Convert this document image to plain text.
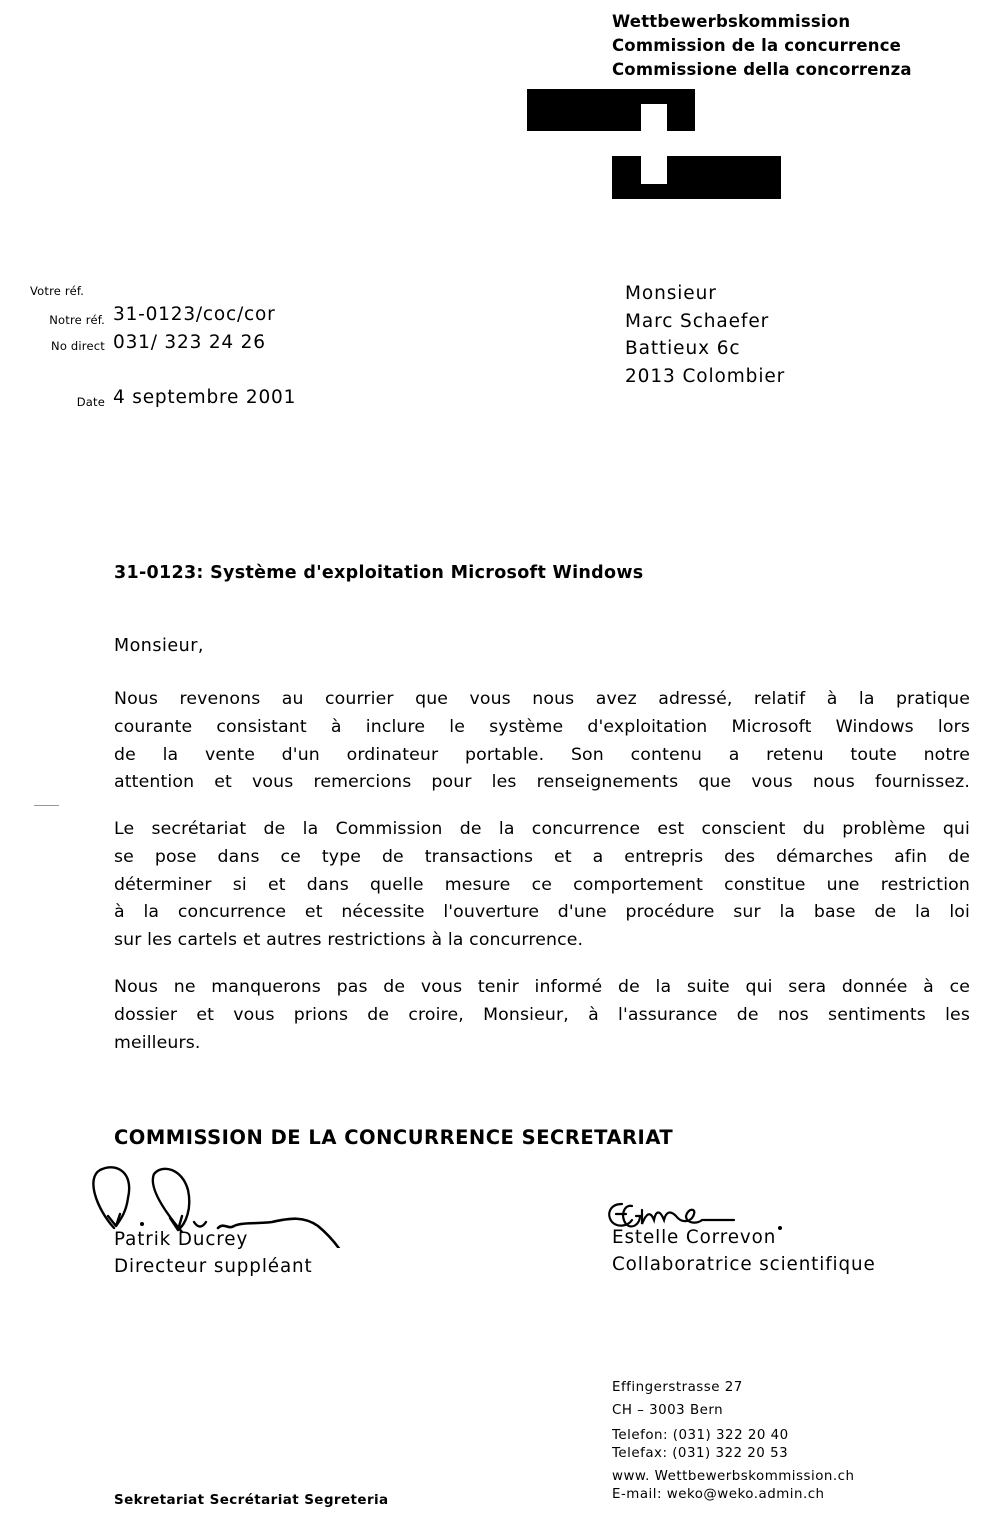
Wettbewerbskommission
Commission de la concurrence
Commissione della concorrenza
Votre réf.
Notre réf. 31-0123/coc/cor
No direct 031/ 323 24 26
Date 4 septembre 2001
Monsieur
Marc Schaefer
Battieux 6c
2013 Colombier
31-0123: Système d'exploitation Microsoft Windows
Monsieur,
Nous revenons au courrier que vous nous avez adressé, relatif à la pratique
courante consistant à inclure le système d'exploitation Microsoft Windows lors
de la vente d'un ordinateur portable. Son contenu a retenu toute notre
attention et vous remercions pour les renseignements que vous nous fournissez.
Le secrétariat de la Commission de la concurrence est conscient du problème qui
se pose dans ce type de transactions et a entrepris des démarches afin de
déterminer si et dans quelle mesure ce comportement constitue une restriction
à la concurrence et nécessite l'ouverture d'une procédure sur la base de la loi
sur les cartels et autres restrictions à la concurrence.
Nous ne manquerons pas de vous tenir informé de la suite qui sera donnée à ce
dossier et vous prions de croire, Monsieur, à l'assurance de nos sentiments les
meilleurs.
COMMISSION DE LA CONCURRENCE SECRETARIAT
Patrik Ducrey
Directeur suppléant
Estelle Correvon
Collaboratrice scientifique
Sekretariat Secrétariat Segreteria
Effingerstrasse 27
CH – 3003 Bern
Telefon: (031) 322 20 40
Telefax: (031) 322 20 53
www. Wettbewerbskommission.ch
E-mail: weko@weko.admin.ch
